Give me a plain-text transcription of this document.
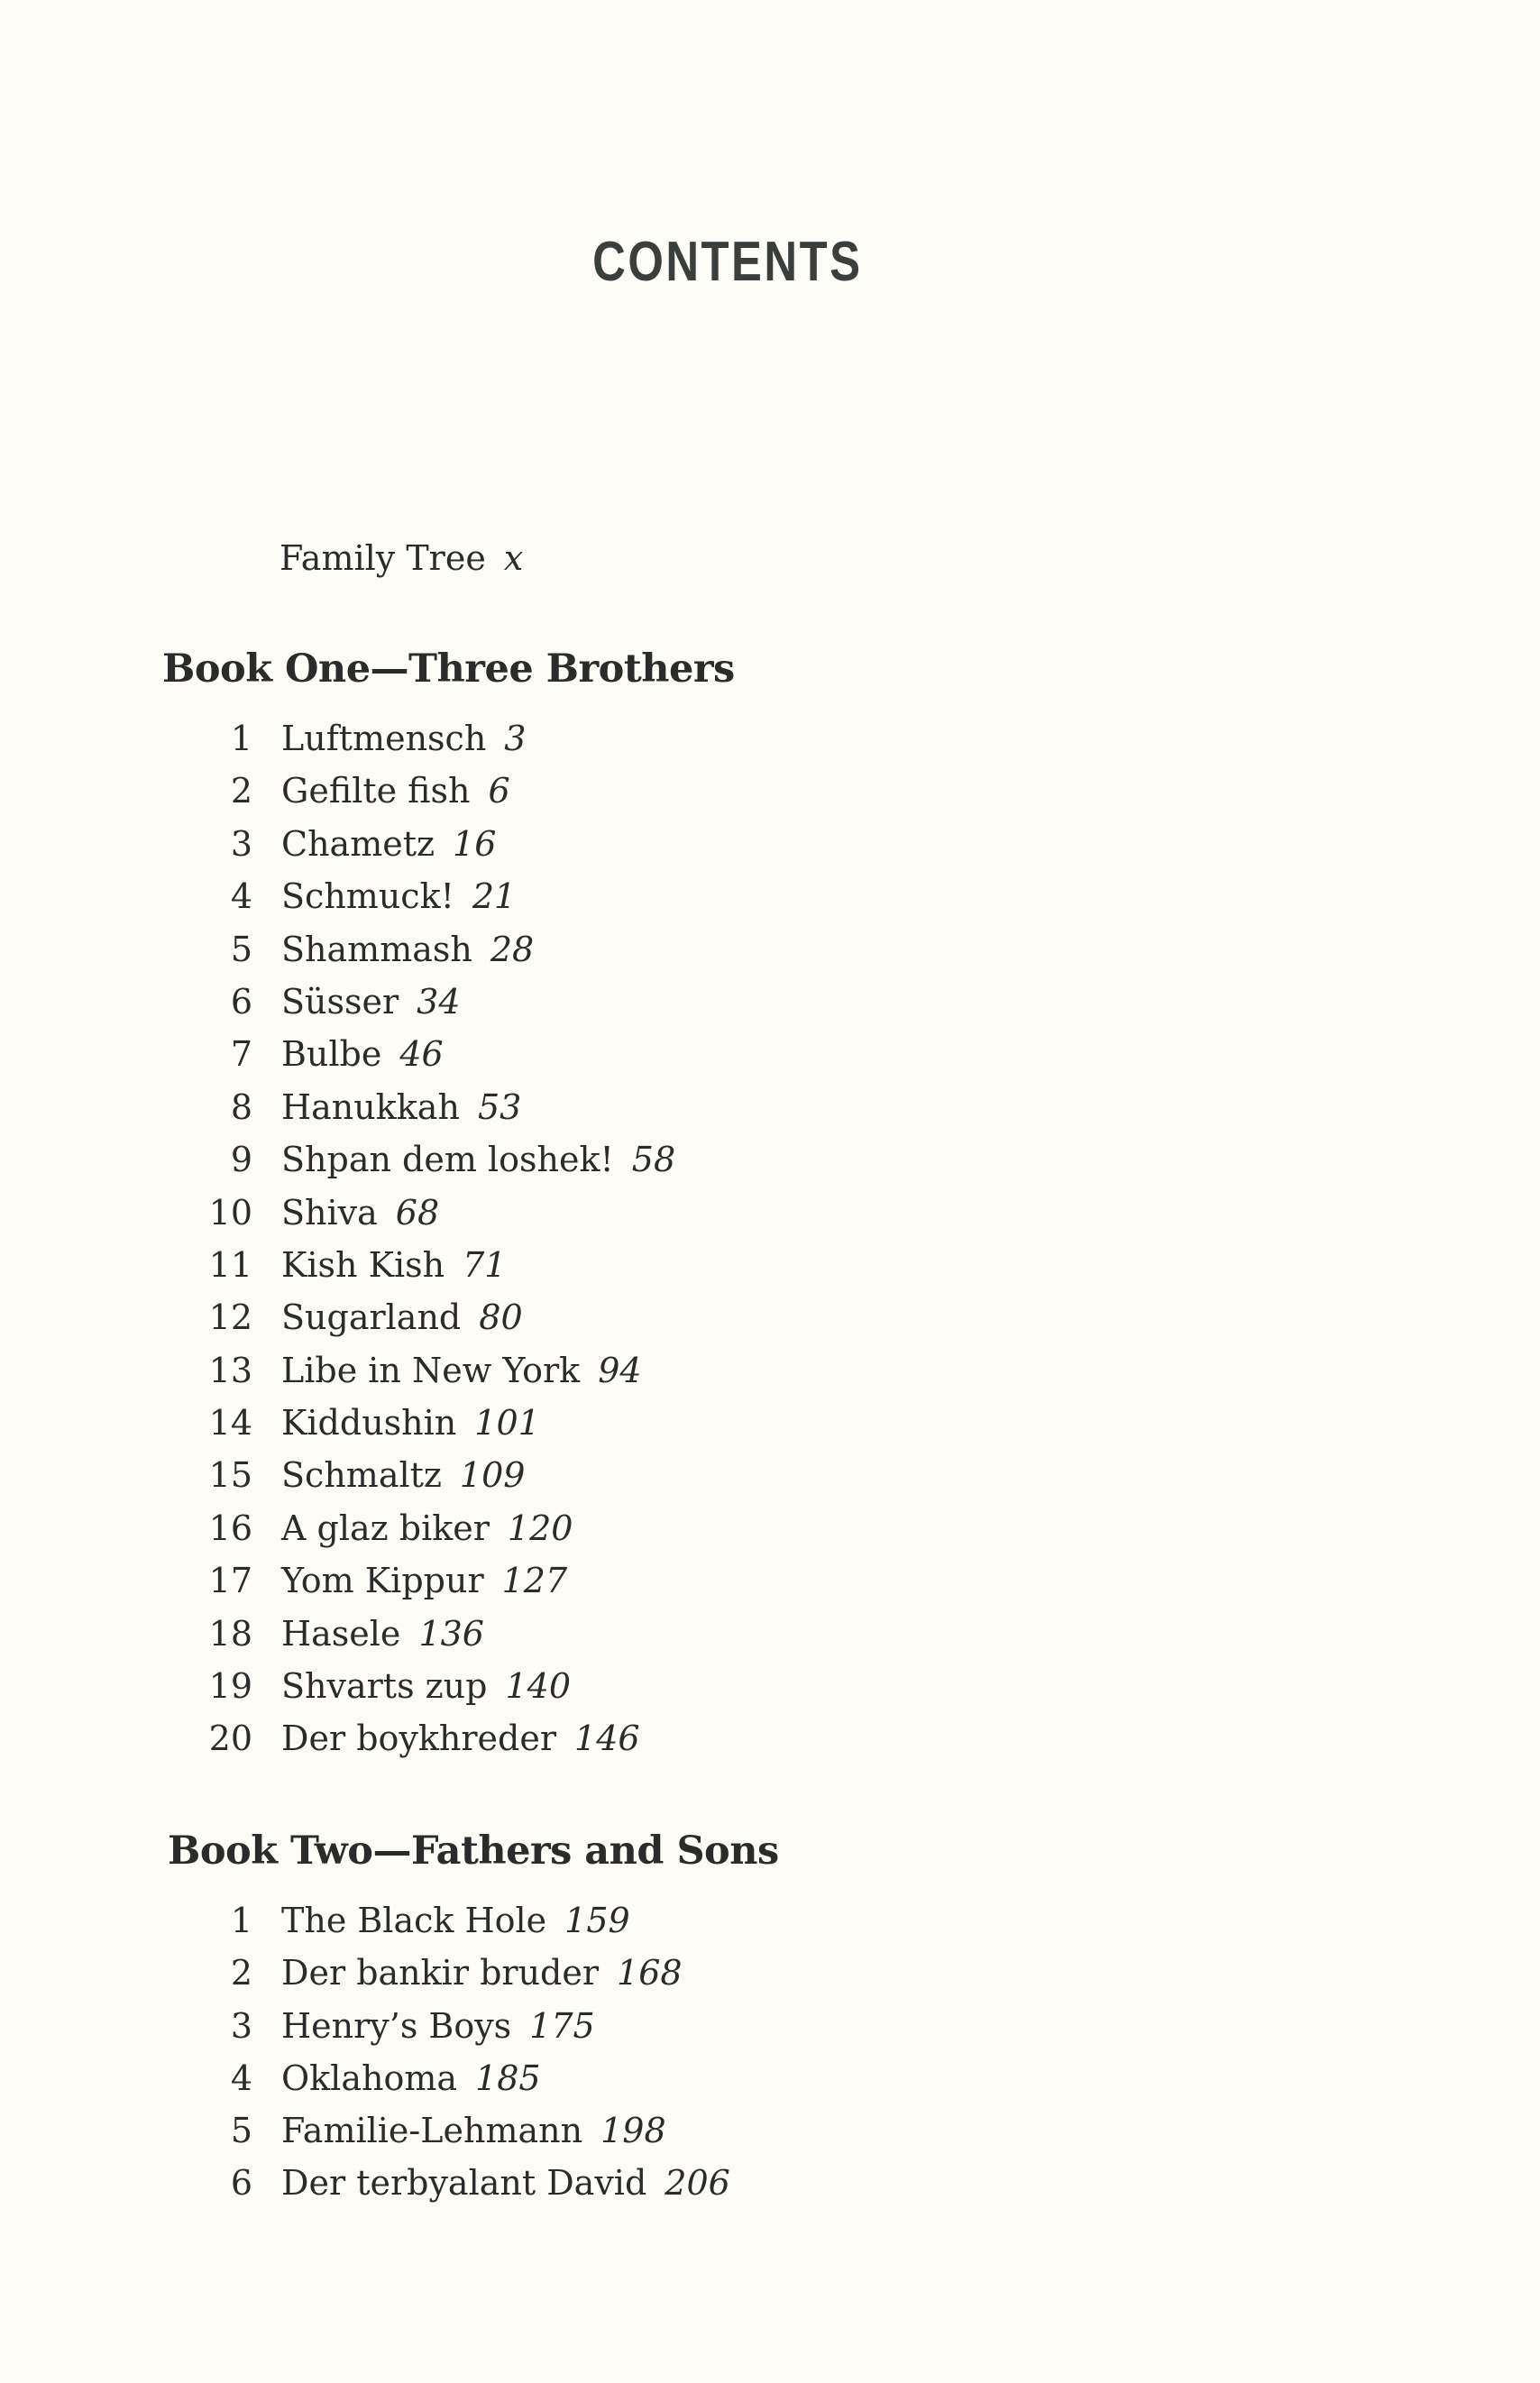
CONTENTS
Family Tree x
Book One—Three Brothers
1 Luftmensch 3
2 Gefilte fish 6
3 Chametz 16
4 Schmuck! 21
5 Shammash 28
6 Süsser 34
7 Bulbe 46
8 Hanukkah 53
9 Shpan dem loshek! 58
10 Shiva 68
11 Kish Kish 71
12 Sugarland 80
13 Libe in New York 94
14 Kiddushin 101
15 Schmaltz 109
16 A glaz biker 120
17 Yom Kippur 127
18 Hasele 136
19 Shvarts zup 140
20 Der boykhreder 146
Book Two—Fathers and Sons
1 The Black Hole 159
2 Der bankir bruder 168
3 Henry’s Boys 175
4 Oklahoma 185
5 Familie-Lehmann 198
6 Der terbyalant David 206
